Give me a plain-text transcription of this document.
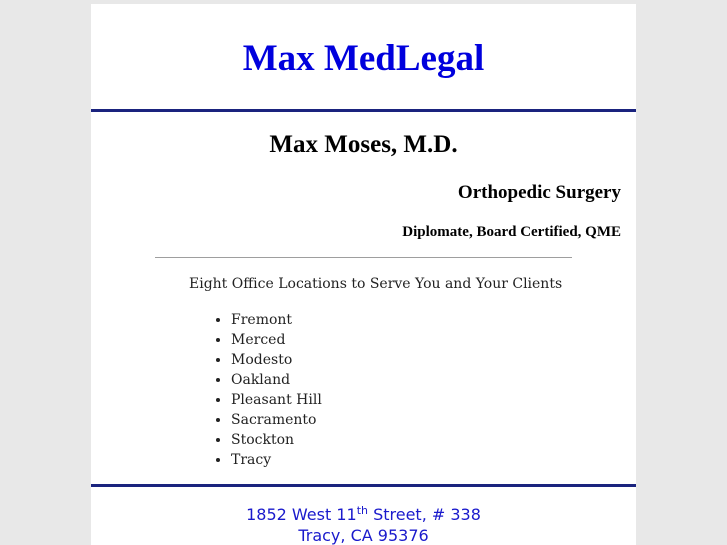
Max MedLegal
Max Moses, M.D.
Orthopedic Surgery
Diplomate, Board Certified, QME

Eight Office Locations to Serve You and Your Clients

• Fremont
• Merced
• Modesto
• Oakland
• Pleasant Hill
• Sacramento
• Stockton
• Tracy
1852 West 11th Street, # 338
Tracy, CA 95376
